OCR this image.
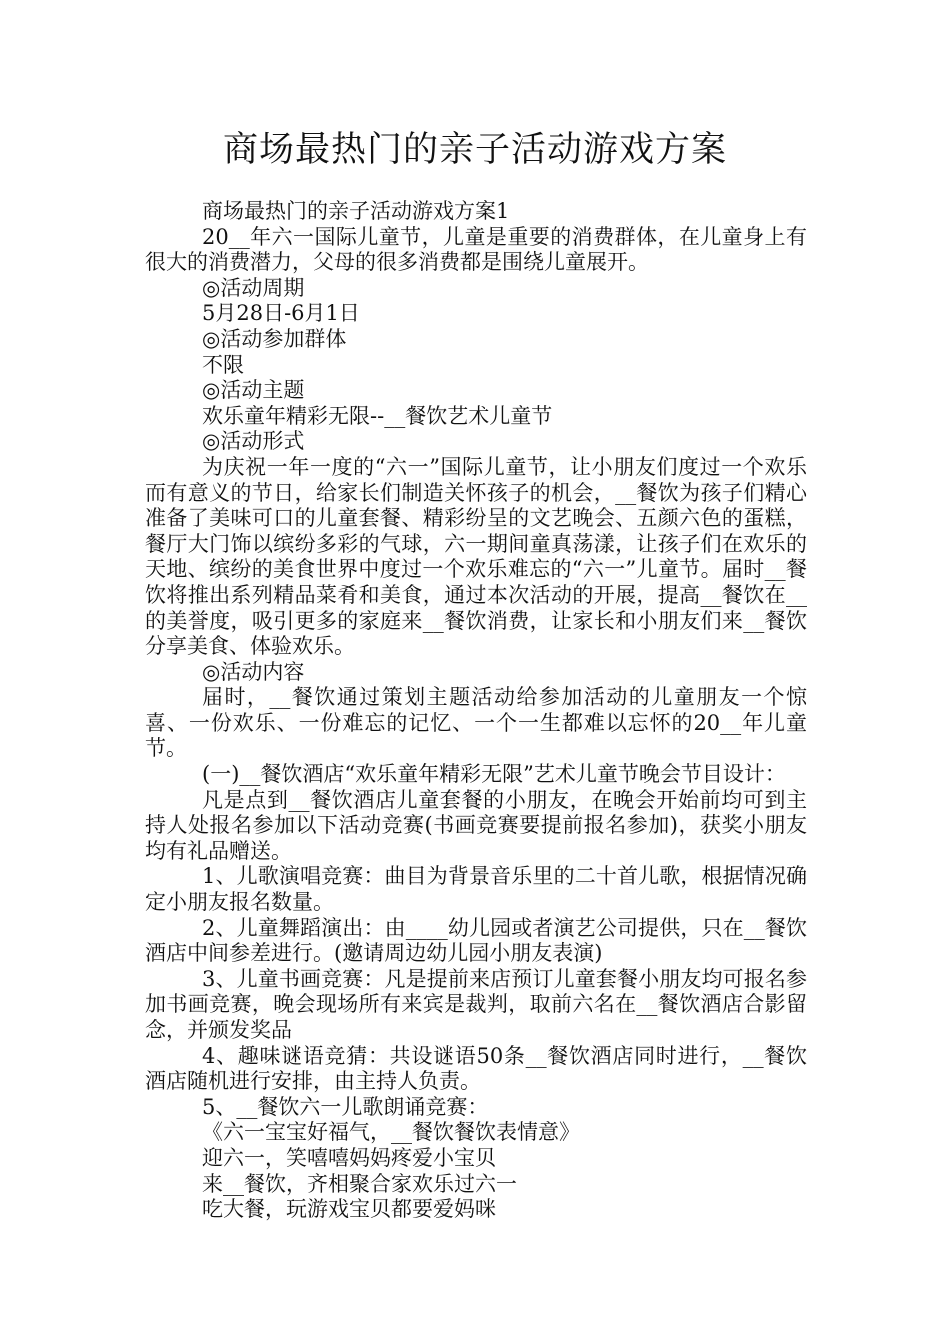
商场最热门的亲子活动游戏方案

商场最热门的亲子活动游戏方案1

20__年六一国际儿童节，儿童是重要的消费群体，在儿童身上有很大的消费潜力，父母的很多消费都是围绕儿童展开。

◎活动周期

5月28日-6月1日

◎活动参加群体

不限

◎活动主题

欢乐童年精彩无限--__餐饮艺术儿童节

◎活动形式

为庆祝一年一度的“六一”国际儿童节，让小朋友们度过一个欢乐而有意义的节日，给家长们制造关怀孩子的机会，__餐饮为孩子们精心准备了美味可口的儿童套餐、精彩纷呈的文艺晚会、五颜六色的蛋糕，餐厅大门饰以缤纷多彩的气球，六一期间童真荡漾，让孩子们在欢乐的天地、缤纷的美食世界中度过一个欢乐难忘的“六一”儿童节。届时__餐饮将推出系列精品菜肴和美食，通过本次活动的开展，提高__餐饮在__的美誉度，吸引更多的家庭来__餐饮消费，让家长和小朋友们来__餐饮分享美食、体验欢乐。

◎活动内容

届时，__餐饮通过策划主题活动给参加活动的儿童朋友一个惊喜、一份欢乐、一份难忘的记忆、一个一生都难以忘怀的20__年儿童节。

(一)__餐饮酒店“欢乐童年精彩无限”艺术儿童节晚会节目设计：

凡是点到__餐饮酒店儿童套餐的小朋友，在晚会开始前均可到主持人处报名参加以下活动竞赛(书画竞赛要提前报名参加)，获奖小朋友均有礼品赠送。

1、儿歌演唱竞赛：曲目为背景音乐里的二十首儿歌，根据情况确定小朋友报名数量。

2、儿童舞蹈演出：由____幼儿园或者演艺公司提供，只在__餐饮酒店中间参差进行。(邀请周边幼儿园小朋友表演)

3、儿童书画竞赛：凡是提前来店预订儿童套餐小朋友均可报名参加书画竞赛，晚会现场所有来宾是裁判，取前六名在__餐饮酒店合影留念，并颁发奖品

4、趣味谜语竞猜：共设谜语50条__餐饮酒店同时进行，__餐饮酒店随机进行安排，由主持人负责。

5、__餐饮六一儿歌朗诵竞赛：

《六一宝宝好福气，__餐饮餐饮表情意》

迎六一，笑嘻嘻妈妈疼爱小宝贝

来__餐饮，齐相聚合家欢乐过六一

吃大餐，玩游戏宝贝都要爱妈咪
